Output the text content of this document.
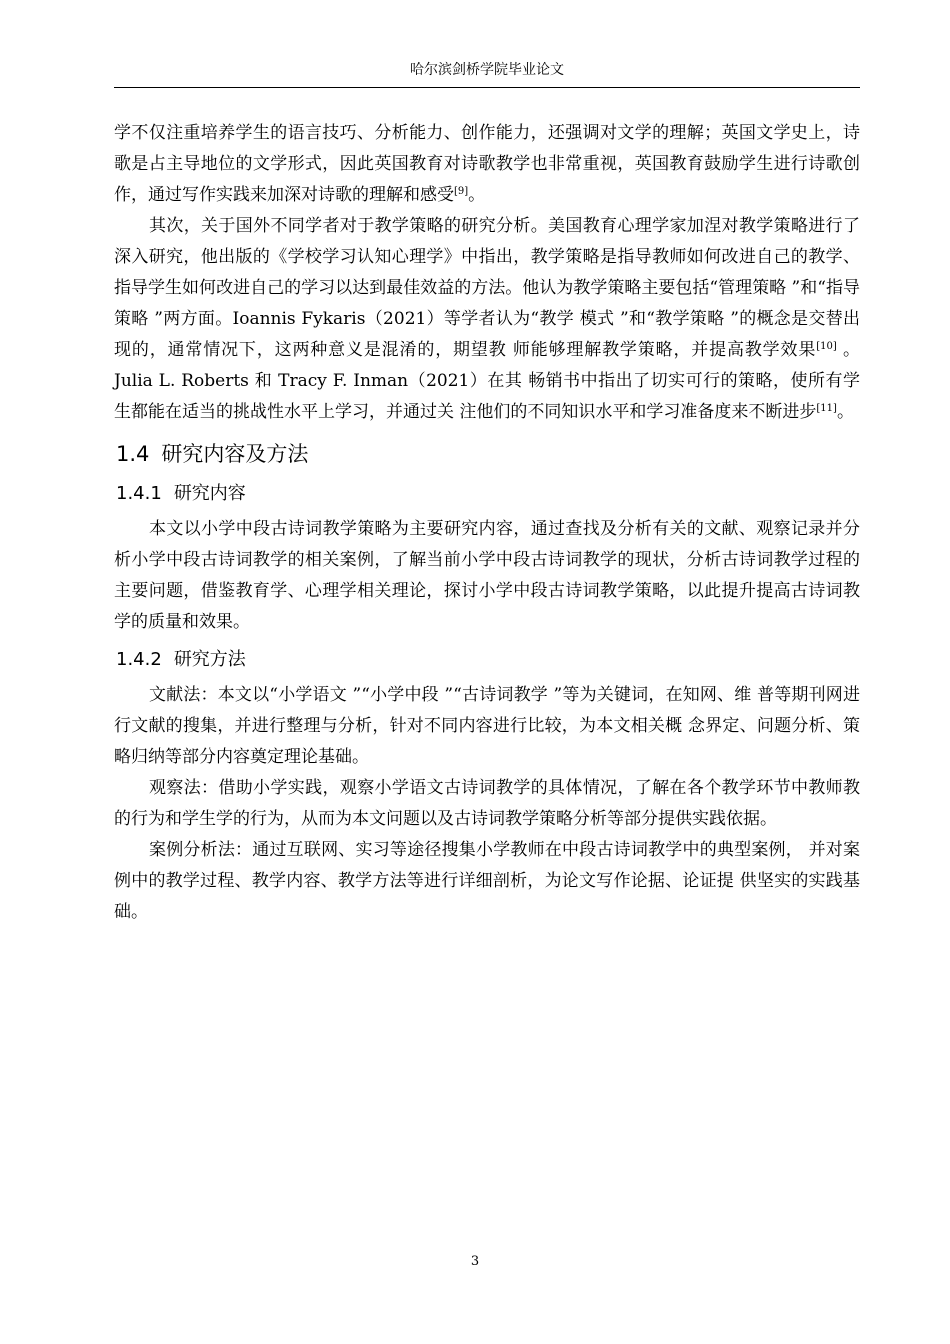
哈尔滨剑桥学院毕业论文

学不仅注重培养学生的语言技巧、分析能力、创作能力，还强调对文学的理解；英国文学史上，诗歌是占主导地位的文学形式，因此英国教育对诗歌教学也非常重视，英国教育鼓励学生进行诗歌创作，通过写作实践来加深对诗歌的理解和感受[9]。

其次，关于国外不同学者对于教学策略的研究分析。美国教育心理学家加涅对教学策略进行了深入研究，他出版的《学校学习认知心理学》中指出，教学策略是指导教师如何改进自己的教学、指导学生如何改进自己的学习以达到最佳效益的方法。他认为教学策略主要包括“管理策略 ”和“指导策略 ”两方面。Ioannis Fykaris（2021）等学者认为“教学 模式 ”和“教学策略 ”的概念是交替出现的，通常情况下，这两种意义是混淆的，期望教 师能够理解教学策略，并提高教学效果[10] 。Julia L. Roberts 和 Tracy F. Inman（2021）在其 畅销书中指出了切实可行的策略，使所有学生都能在适当的挑战性水平上学习，并通过关 注他们的不同知识水平和学习准备度来不断进步[11]。

1.4 研究内容及方法
1.4.1 研究内容

本文以小学中段古诗词教学策略为主要研究内容，通过查找及分析有关的文献、观察记录并分析小学中段古诗词教学的相关案例，了解当前小学中段古诗词教学的现状，分析古诗词教学过程的主要问题，借鉴教育学、心理学相关理论，探讨小学中段古诗词教学策略，以此提升提高古诗词教学的质量和效果。

1.4.2 研究方法

文献法：本文以“小学语文 ”“小学中段 ”“古诗词教学 ”等为关键词，在知网、维 普等期刊网进行文献的搜集，并进行整理与分析，针对不同内容进行比较，为本文相关概 念界定、问题分析、策略归纳等部分内容奠定理论基础。

观察法：借助小学实践，观察小学语文古诗词教学的具体情况，了解在各个教学环节中教师教的行为和学生学的行为，从而为本文问题以及古诗词教学策略分析等部分提供实践依据。

案例分析法：通过互联网、实习等途径搜集小学教师在中段古诗词教学中的典型案例， 并对案例中的教学过程、教学内容、教学方法等进行详细剖析，为论文写作论据、论证提 供坚实的实践基础。

3
